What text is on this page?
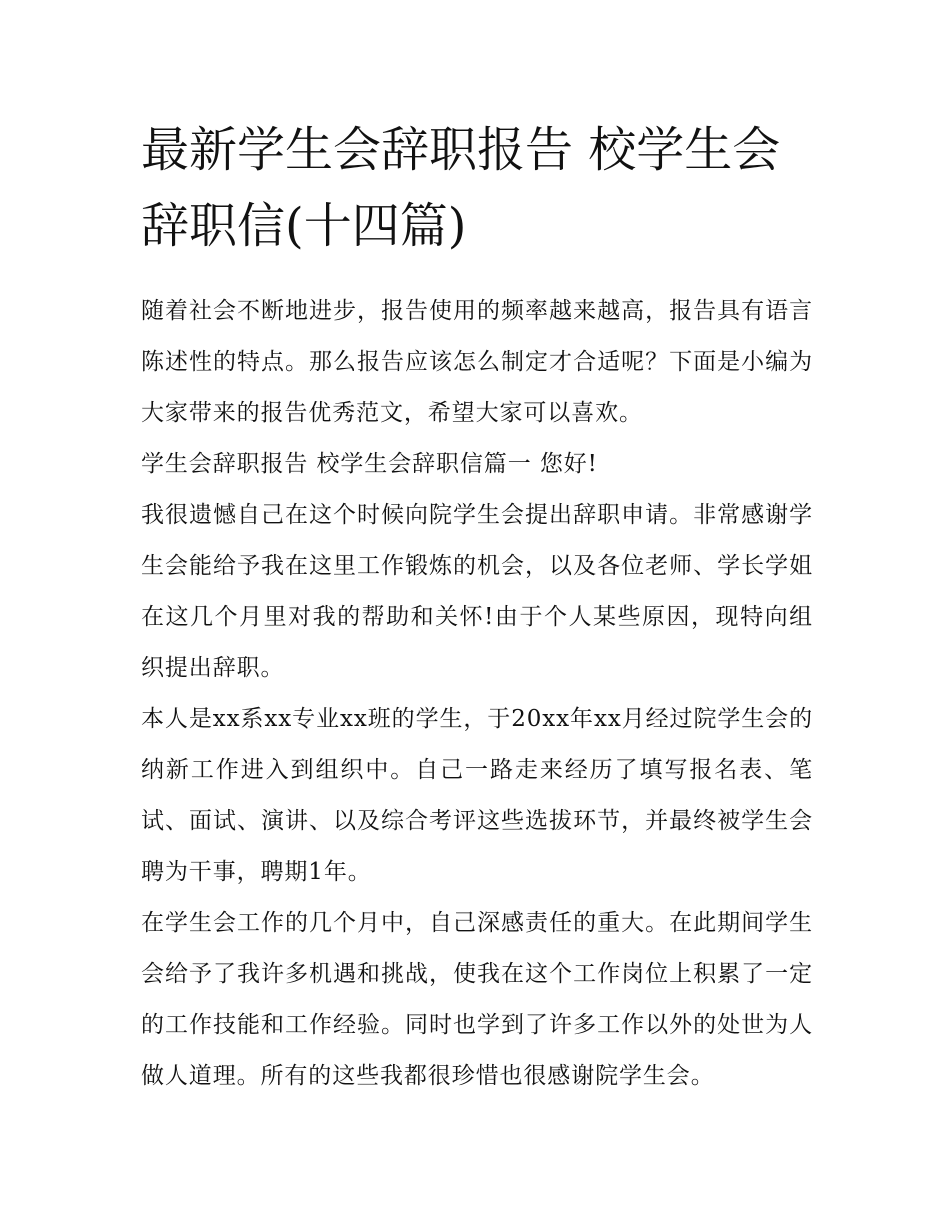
最新学生会辞职报告 校学生会辞职信(十四篇)

随着社会不断地进步，报告使用的频率越来越高，报告具有语言陈述性的特点。那么报告应该怎么制定才合适呢？下面是小编为大家带来的报告优秀范文，希望大家可以喜欢。

学生会辞职报告 校学生会辞职信篇一 您好!

我很遗憾自己在这个时候向院学生会提出辞职申请。非常感谢学生会能给予我在这里工作锻炼的机会，以及各位老师、学长学姐在这几个月里对我的帮助和关怀!由于个人某些原因，现特向组织提出辞职。

本人是xx系xx专业xx班的学生，于20xx年xx月经过院学生会的纳新工作进入到组织中。自己一路走来经历了填写报名表、笔试、面试、演讲、以及综合考评这些选拔环节，并最终被学生会聘为干事，聘期1年。

在学生会工作的几个月中，自己深感责任的重大。在此期间学生会给予了我许多机遇和挑战，使我在这个工作岗位上积累了一定的工作技能和工作经验。同时也学到了许多工作以外的处世为人做人道理。所有的这些我都很珍惜也很感谢院学生会。
